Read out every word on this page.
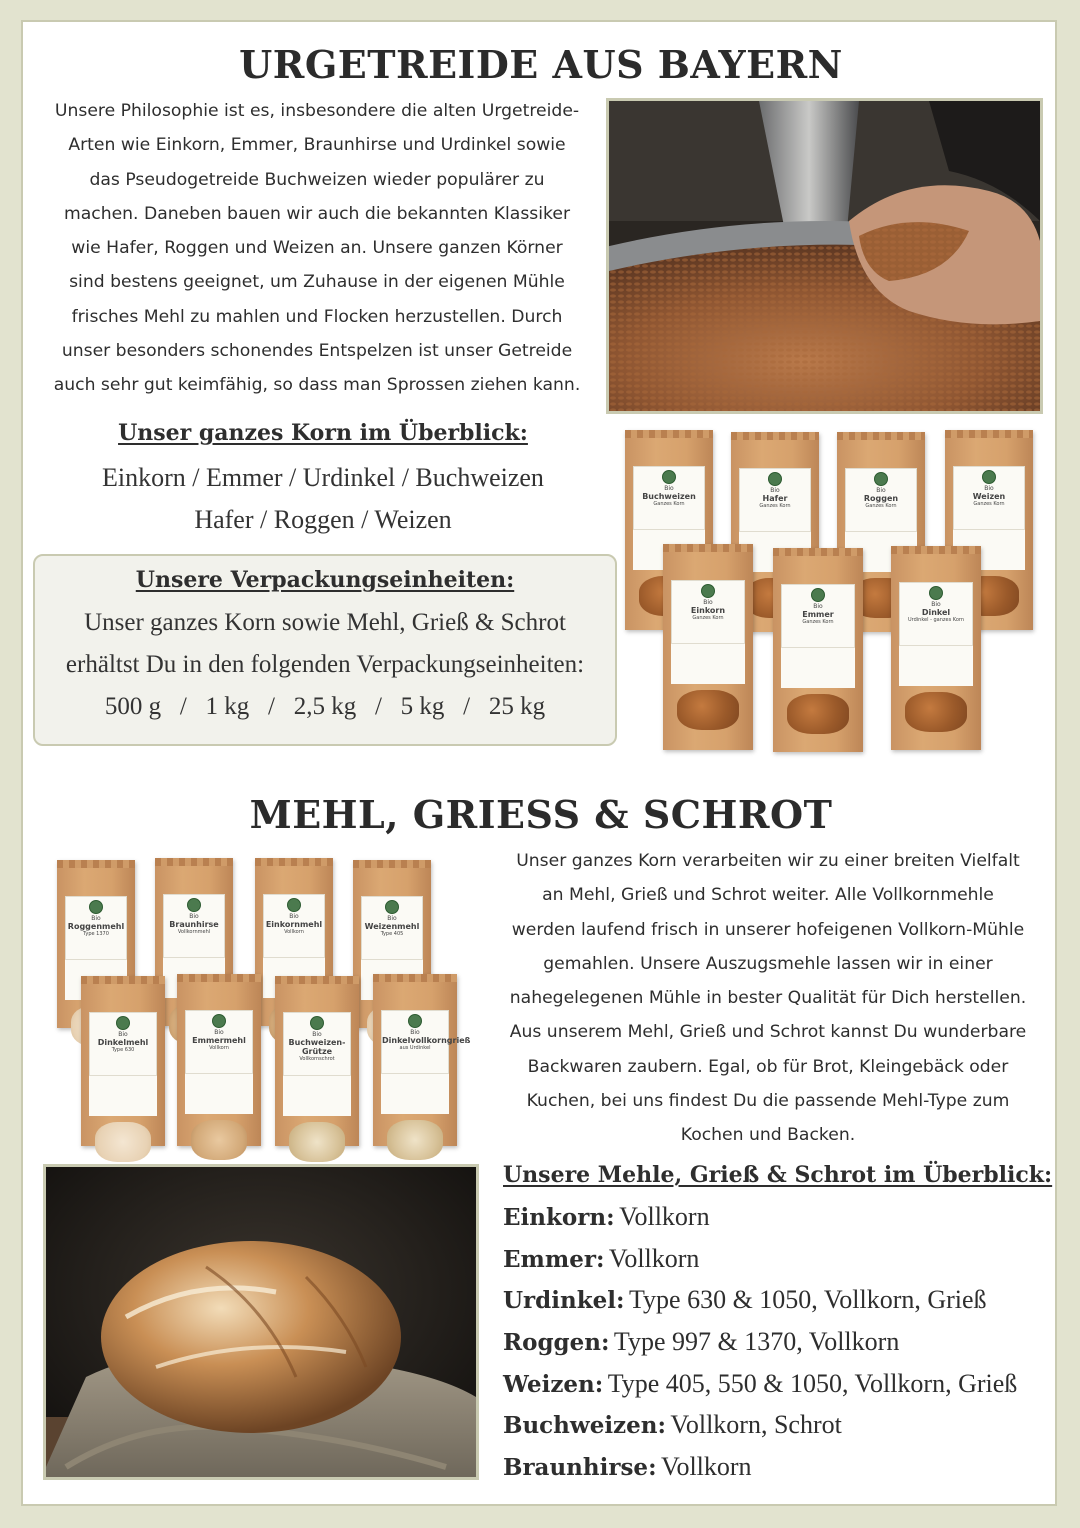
URGETREIDE AUS BAYERN

Unsere Philosophie ist es, insbesondere die alten Urgetreide-

Arten wie Einkorn, Emmer, Braunhirse und Urdinkel sowie

das Pseudogetreide Buchweizen wieder populärer zu

machen. Daneben bauen wir auch die bekannten Klassiker

wie Hafer, Roggen und Weizen an. Unsere ganzen Körner

sind bestens geeignet, um Zuhause in der eigenen Mühle

frisches Mehl zu mahlen und Flocken herzustellen. Durch

unser besonders schonendes Entspelzen ist unser Getreide

auch sehr gut keimfähig, so dass man Sprossen ziehen kann.

Unser ganzes Korn im Überblick:
Einkorn / Emmer / Urdinkel / Buchweizen
Hafer / Roggen / Weizen
Unsere Verpackungseinheiten:
Unser ganzes Korn sowie Mehl, Grieß & Schrot
erhältst Du in den folgenden Verpackungseinheiten:
500 g   /   1 kg   /   2,5 kg   /   5 kg   /   25 kg
Bio
Buchweizen
Ganzes Korn
Bio
Hafer
Ganzes Korn
Bio
Roggen
Ganzes Korn
Bio
Weizen
Ganzes Korn
Bio
Einkorn
Ganzes Korn
Bio
Emmer
Ganzes Korn
Bio
Dinkel
Urdinkel - ganzes Korn
MEHL, GRIESS & SCHROT
Bio
Roggenmehl
Type 1370
Bio
Braunhirse
Vollkornmehl
Bio
Einkornmehl
Vollkorn
Bio
Weizenmehl
Type 405
Bio
Dinkelmehl
Type 630
Bio
Emmermehl
Vollkorn
Bio
Buchweizen-Grütze
Vollkornschrot
Bio
Dinkelvollkorngrieß
aus Urdinkel

Unser ganzes Korn verarbeiten wir zu einer breiten Vielfalt

an Mehl, Grieß und Schrot weiter. Alle Vollkornmehle

werden laufend frisch in unserer hofeigenen Vollkorn-Mühle

gemahlen. Unsere Auszugsmehle lassen wir in einer

nahegelegenen Mühle in bester Qualität für Dich herstellen.

Aus unserem Mehl, Grieß und Schrot kannst Du wunderbare

Backwaren zaubern. Egal, ob für Brot, Kleingebäck oder

Kuchen, bei uns findest Du die passende Mehl-Type zum

Kochen und Backen.

Unsere Mehle, Grieß & Schrot im Überblick:
Einkorn: Vollkorn
Emmer: Vollkorn
Urdinkel: Type 630 & 1050, Vollkorn, Grieß
Roggen: Type 997 & 1370, Vollkorn
Weizen: Type 405, 550 & 1050, Vollkorn, Grieß
Buchweizen: Vollkorn, Schrot
Braunhirse: Vollkorn
